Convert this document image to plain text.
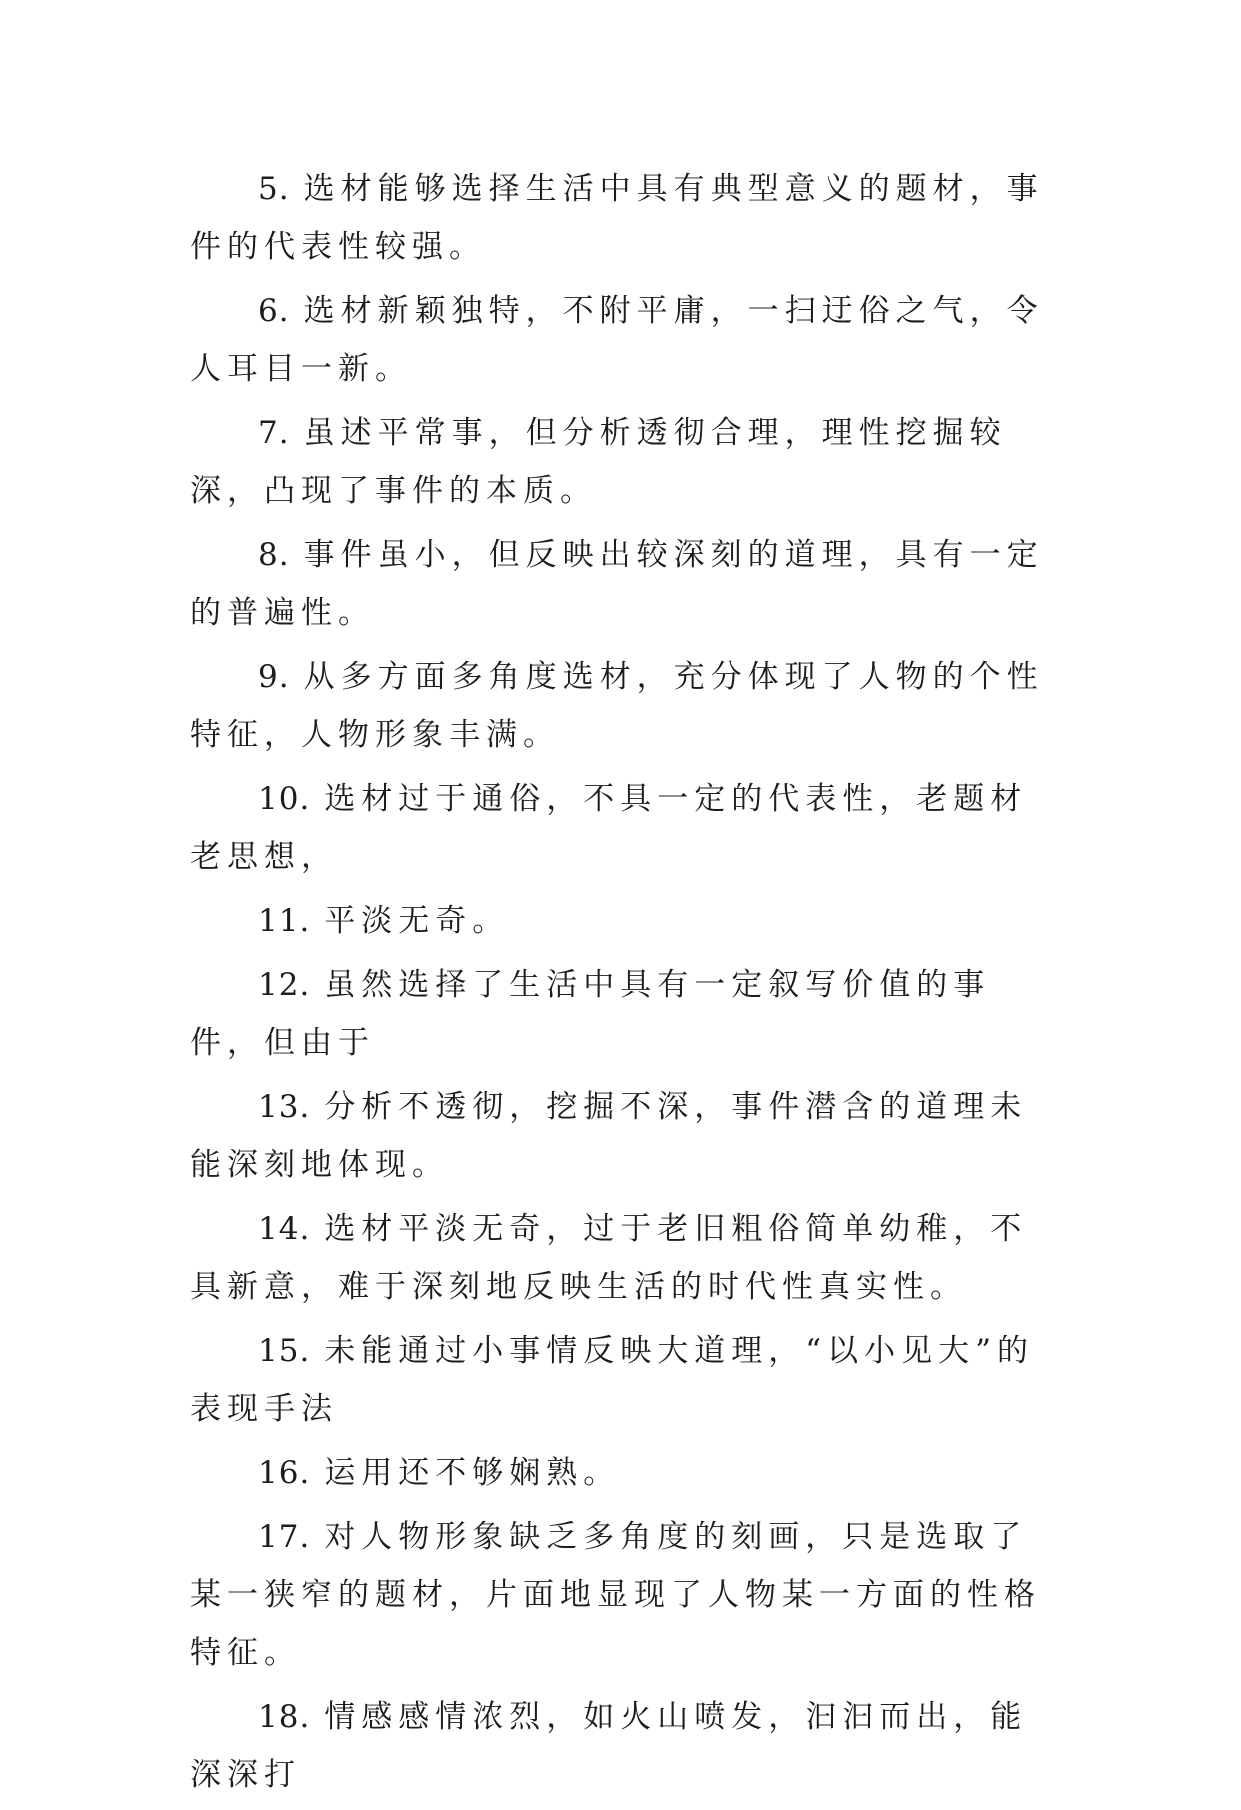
5. 选材能够选择生活中具有典型意义的题材，事件的代表性较强。

6. 选材新颖独特，不附平庸，一扫迂俗之气，令人耳目一新。

7. 虽述平常事，但分析透彻合理，理性挖掘较深，凸现了事件的本质。

8. 事件虽小，但反映出较深刻的道理，具有一定的普遍性。

9. 从多方面多角度选材，充分体现了人物的个性特征，人物形象丰满。

10. 选材过于通俗，不具一定的代表性，老题材老思想，

11. 平淡无奇。

12. 虽然选择了生活中具有一定叙写价值的事件，但由于

13. 分析不透彻，挖掘不深，事件潜含的道理未能深刻地体现。

14. 选材平淡无奇，过于老旧粗俗简单幼稚，不具新意，难于深刻地反映生活的时代性真实性。

15. 未能通过小事情反映大道理，“以小见大”的表现手法

16. 运用还不够娴熟。

17. 对人物形象缺乏多角度的刻画，只是选取了某一狭窄的题材，片面地显现了人物某一方面的性格特征。

18. 情感感情浓烈，如火山喷发，汩汩而出，能深深打
